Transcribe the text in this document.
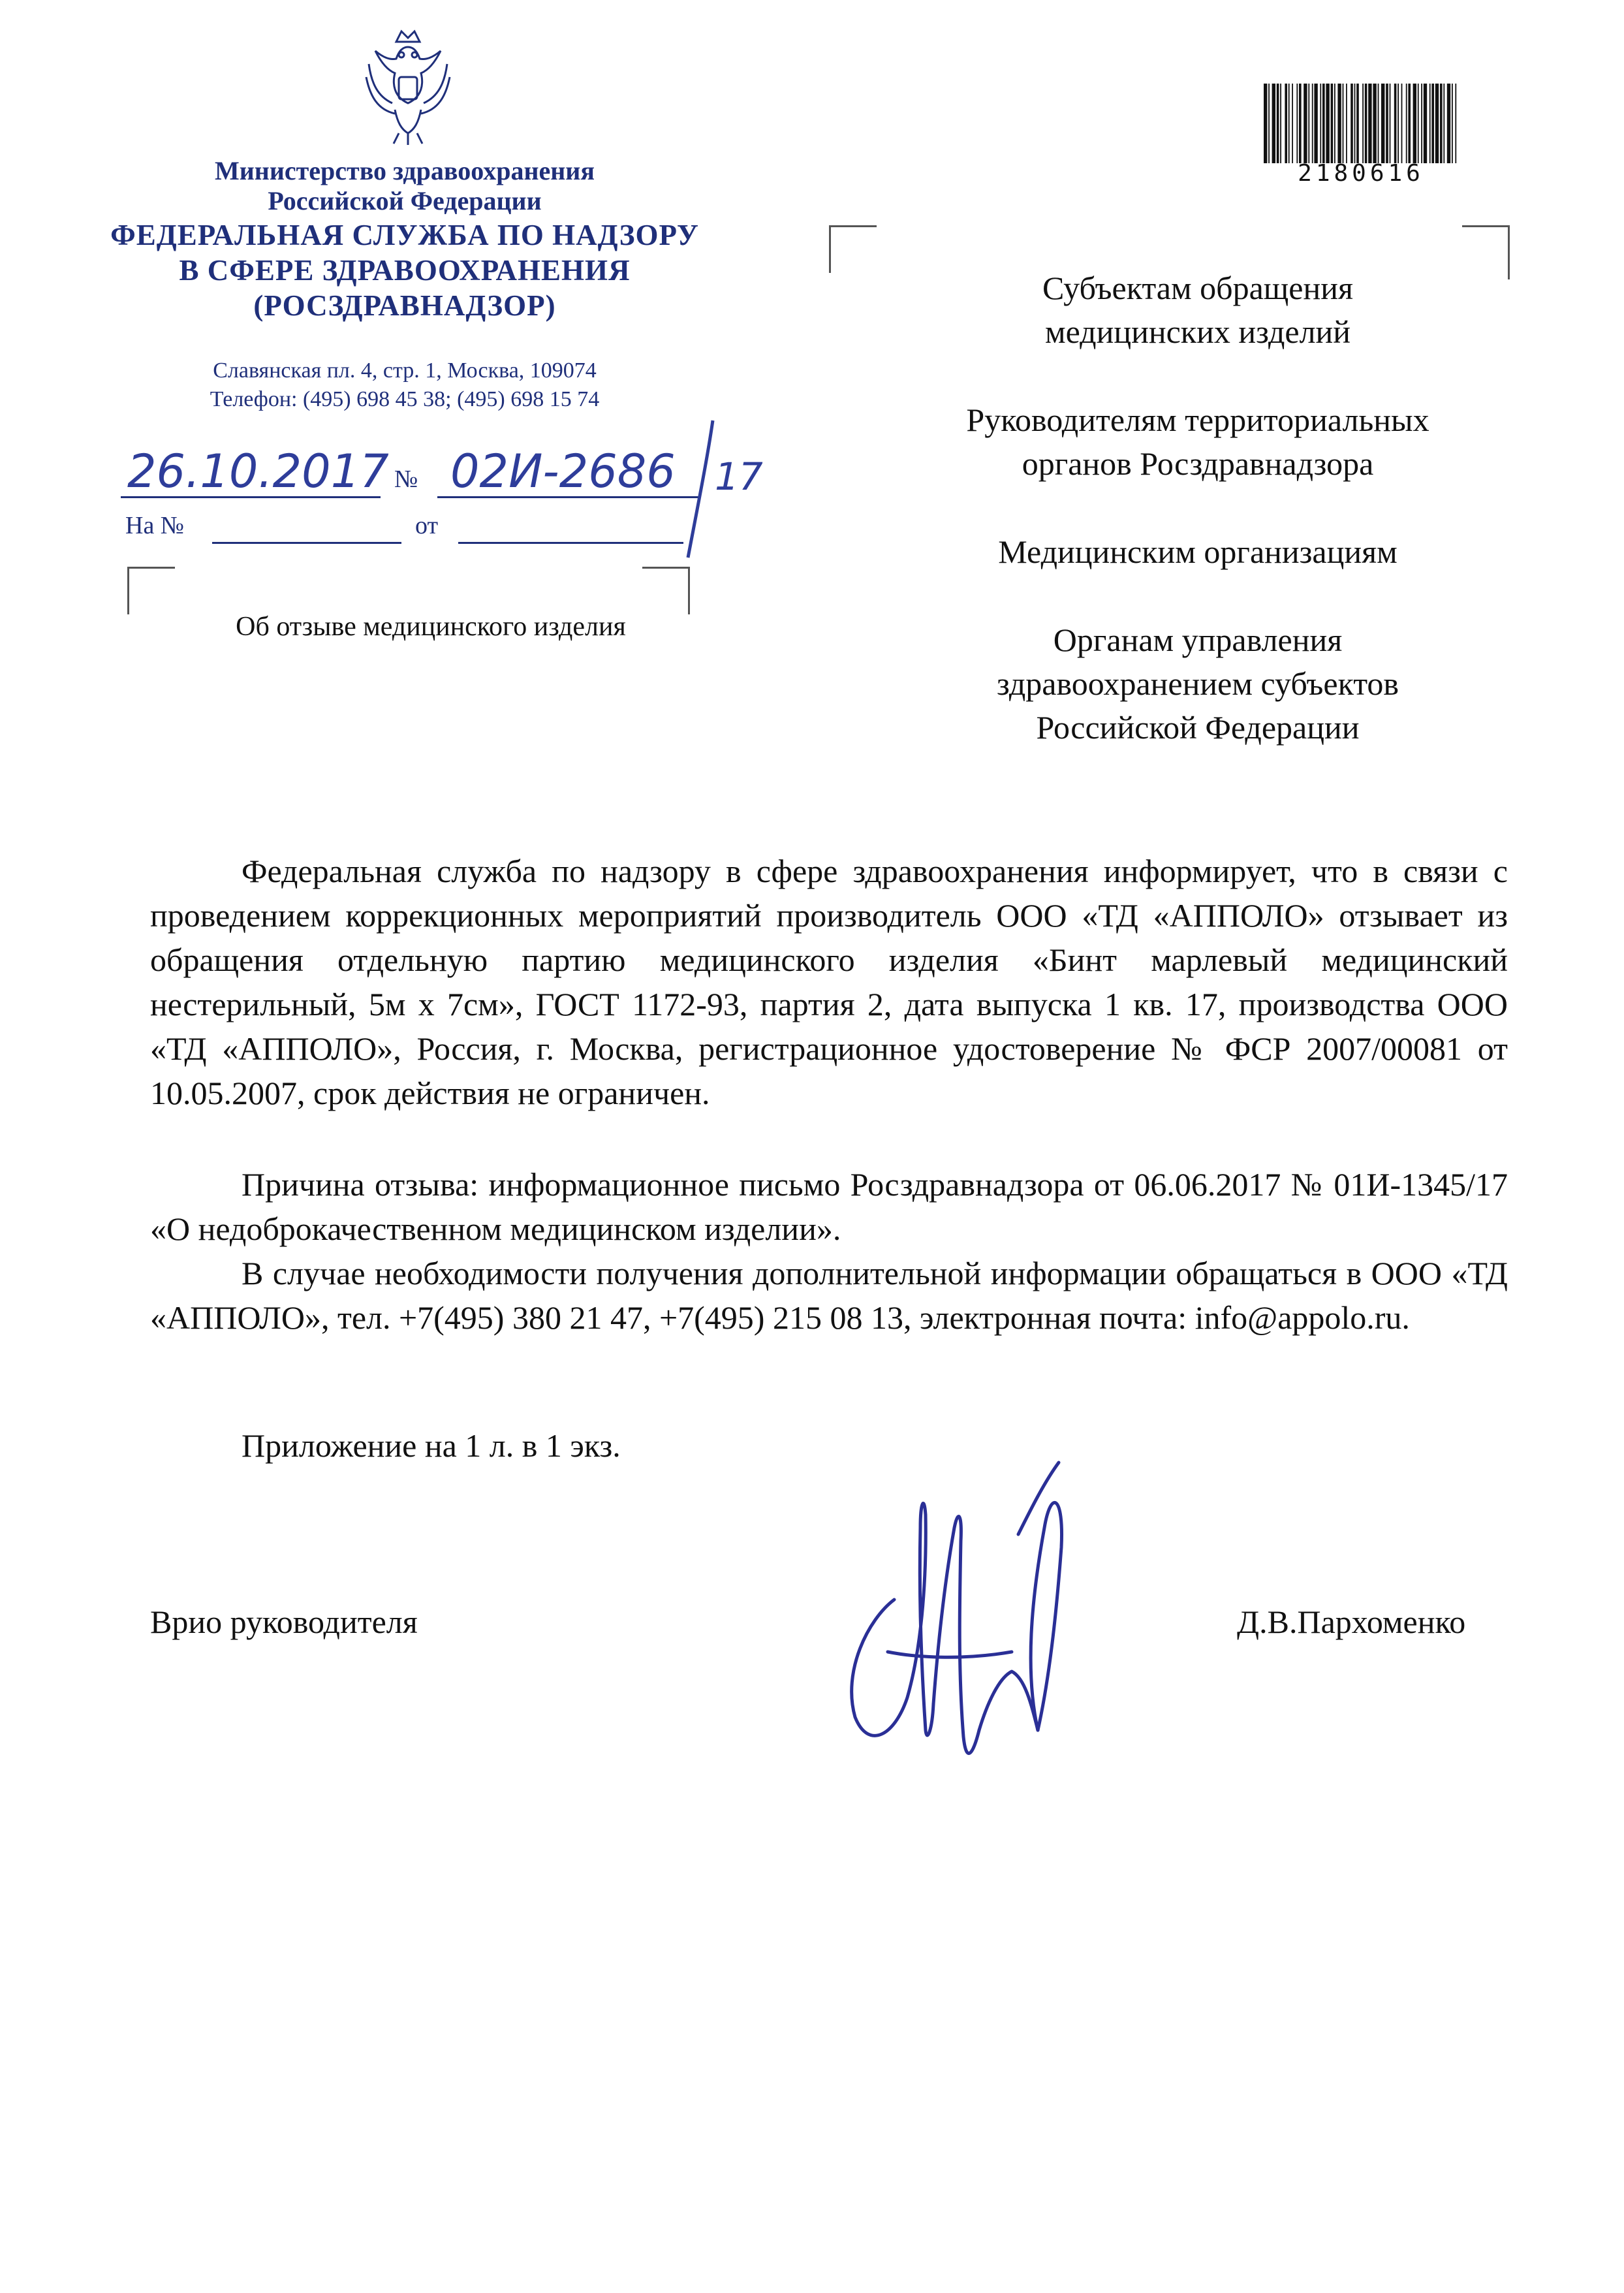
Министерство здравоохранения
Российской Федерации
ФЕДЕРАЛЬНАЯ СЛУЖБА ПО НАДЗОРУ
В СФЕРЕ ЗДРАВООХРАНЕНИЯ
(РОСЗДРАВНАДЗОР)
Славянская пл. 4, стр. 1, Москва, 109074
Телефон: (495) 698 45 38; (495) 698 15 74
26.10.2017 № 02И-2686 17
На №	от
Об отзыве медицинского изделия
2180616
Субъектам обращения
медицинских изделий
Руководителям территориальных
органов Росздравнадзора
Медицинским организациям
Органам управления
здравоохранением субъектов
Российской Федерации

Федеральная служба по надзору в сфере здравоохранения информирует, что в связи с проведением коррекционных мероприятий производитель ООО «ТД «АППОЛО» отзывает из обращения отдельную партию медицинского изделия «Бинт марлевый медицинский нестерильный, 5м х 7см», ГОСТ 1172-93, партия 2, дата выпуска 1 кв. 17, производства ООО «ТД «АППОЛО», Россия, г. Москва, регистрационное удостоверение № ФСР 2007/00081 от 10.05.2007, срок действия не ограничен.

Причина отзыва: информационное письмо Росздравнадзора от 06.06.2017 № 01И-1345/17 «О недоброкачественном медицинском изделии».

В случае необходимости получения дополнительной информации обращаться в ООО «ТД «АППОЛО», тел. +7(495) 380 21 47, +7(495) 215 08 13, электронная почта: info@appolo.ru.

Приложение на 1 л. в 1 экз.

Врио руководителя	Д.В.Пархоменко
